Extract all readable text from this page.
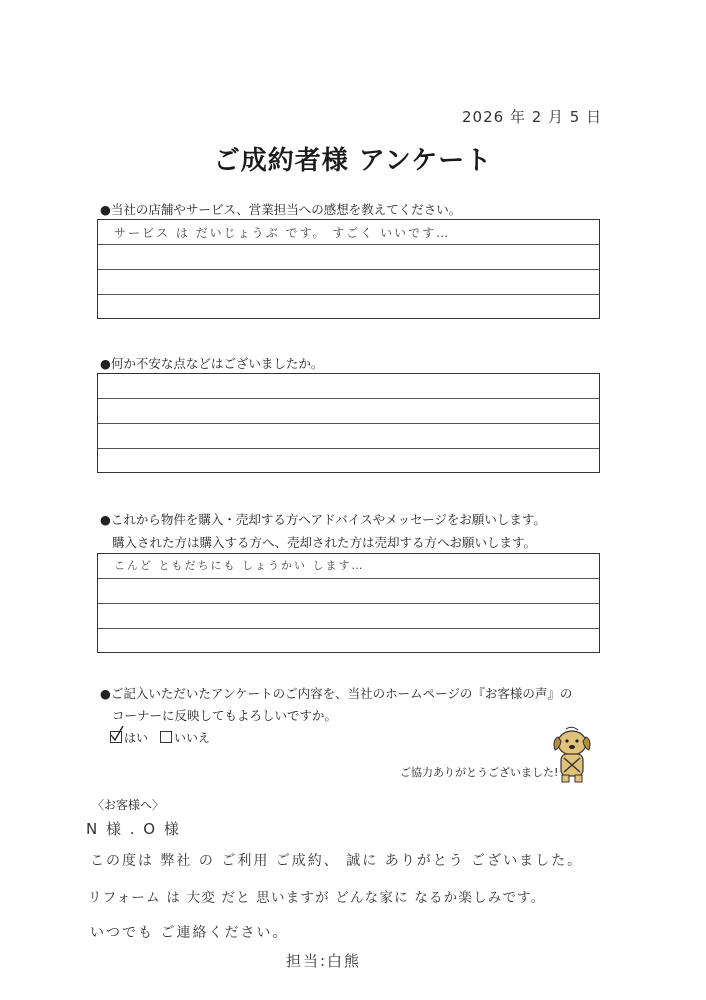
2026 年 2 月 5 日
ご成約者様 アンケート
●当社の店舗やサービス、営業担当への感想を教えてください。
サービス は だいじょうぶ です。 すごく いいです…
●何か不安な点などはございましたか。
●これから物件を購入・売却する方へアドバイスやメッセージをお願いします。
購入された方は購入する方へ、売却された方は売却する方へお願いします。
こんど ともだちにも しょうかい します…
●ご記入いただいたアンケートのご内容を、当社のホームページの『お客様の声』の
コーナーに反映してもよろしいですか。
はい	いいえ
ご協力ありがとうございました!
〈お客様へ〉
N 様 . O 様
この度は 弊社 の ご利用 ご成約、 誠に ありがとう ございました。
リフォーム は 大変 だと 思いますが どんな家に なるか楽しみです。
いつでも ご連絡ください。
担当:白熊
